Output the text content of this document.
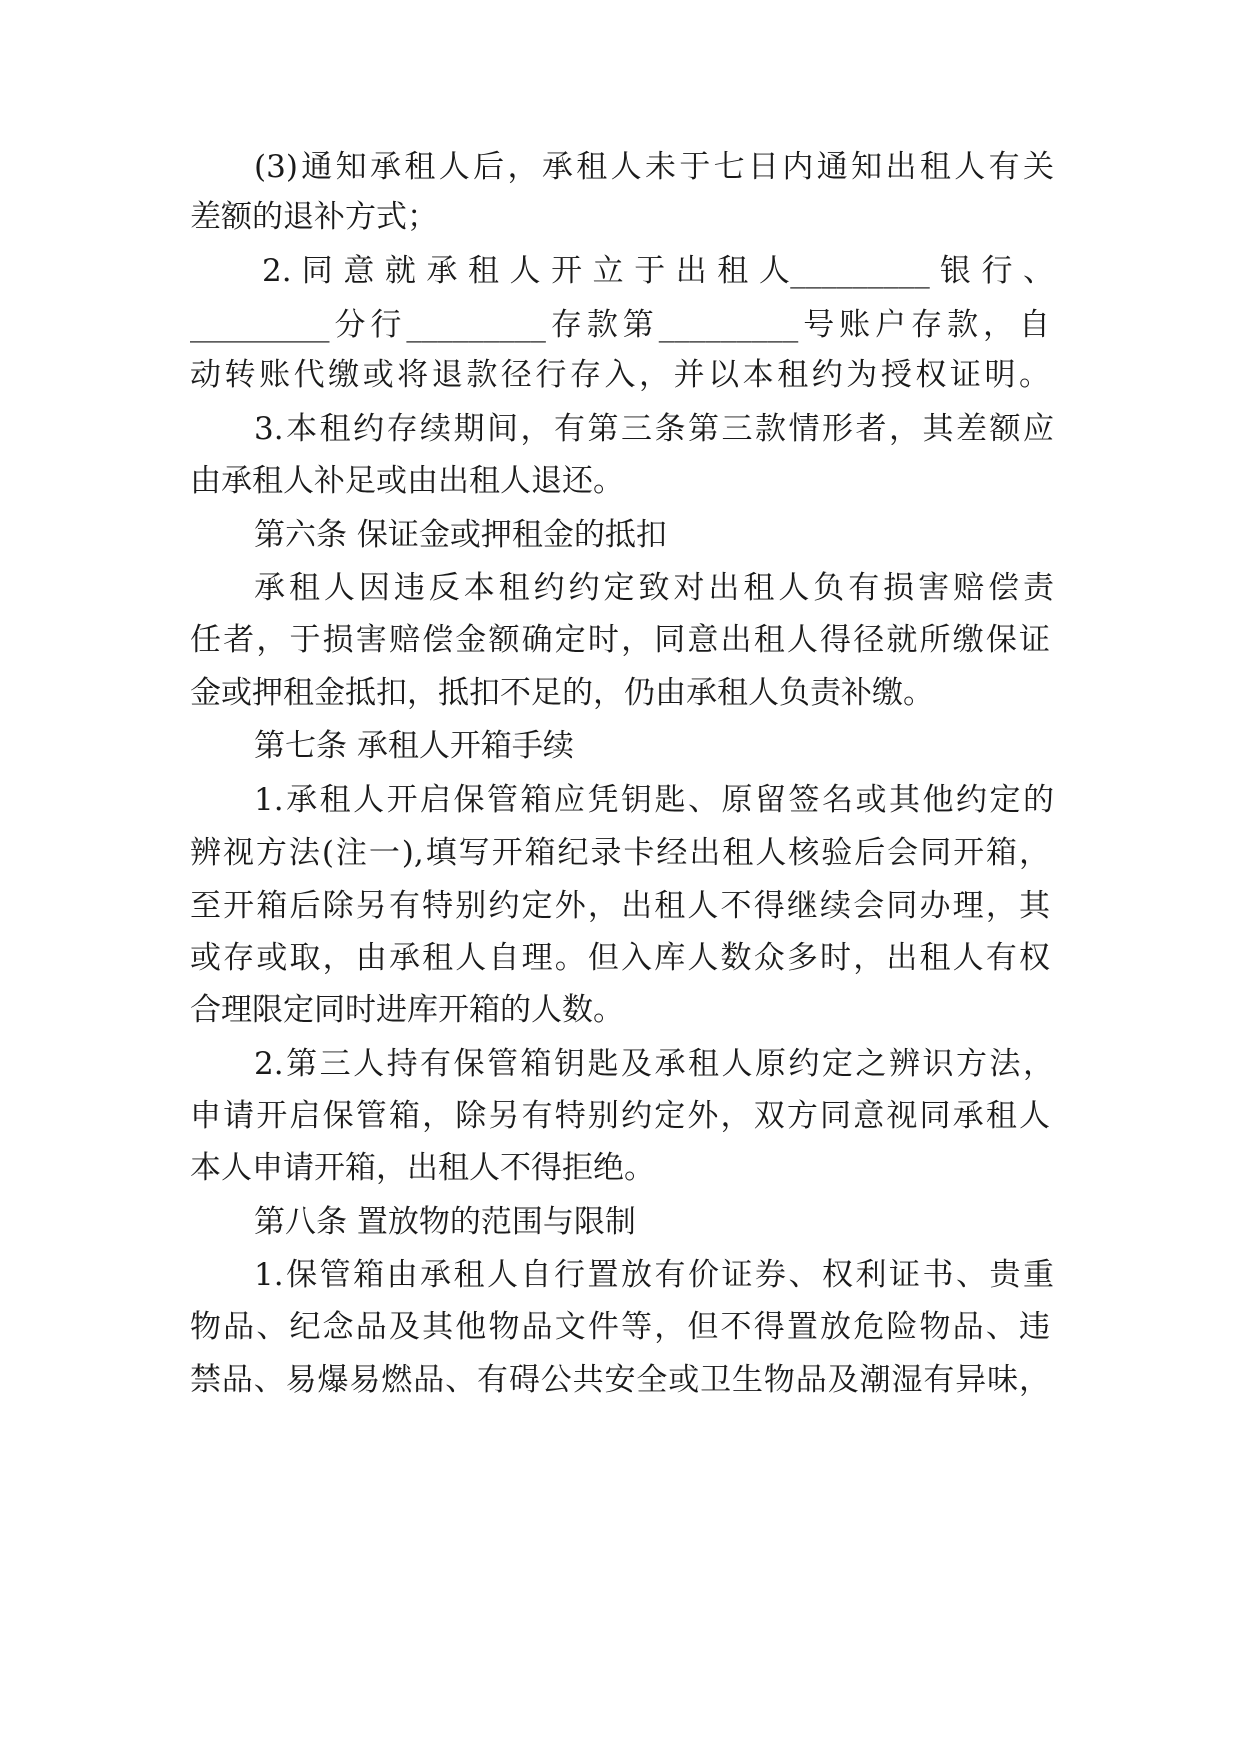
(3)通知承租人后，承租人未于七日内通知出租人有关
差额的退补方式；
2. 同 意 就 承 租 人 开 立 于 出 租 人_________ 银 行 、
_________分行_________存款第_________号账户存款，自
动转账代缴或将退款径行存入，并以本租约为授权证明。
3.本租约存续期间，有第三条第三款情形者，其差额应
由承租人补足或由出租人退还。
第六条 保证金或押租金的抵扣
承租人因违反本租约约定致对出租人负有损害赔偿责
任者，于损害赔偿金额确定时，同意出租人得径就所缴保证
金或押租金抵扣，抵扣不足的，仍由承租人负责补缴。
第七条 承租人开箱手续
1.承租人开启保管箱应凭钥匙、原留签名或其他约定的
辨视方法(注一),填写开箱纪录卡经出租人核验后会同开箱，
至开箱后除另有特别约定外，出租人不得继续会同办理，其
或存或取，由承租人自理。但入库人数众多时，出租人有权
合理限定同时进库开箱的人数。
2.第三人持有保管箱钥匙及承租人原约定之辨识方法，
申请开启保管箱，除另有特别约定外，双方同意视同承租人
本人申请开箱，出租人不得拒绝。
第八条 置放物的范围与限制
1.保管箱由承租人自行置放有价证券、权利证书、贵重
物品、纪念品及其他物品文件等，但不得置放危险物品、违
禁品、易爆易燃品、有碍公共安全或卫生物品及潮湿有异味，
